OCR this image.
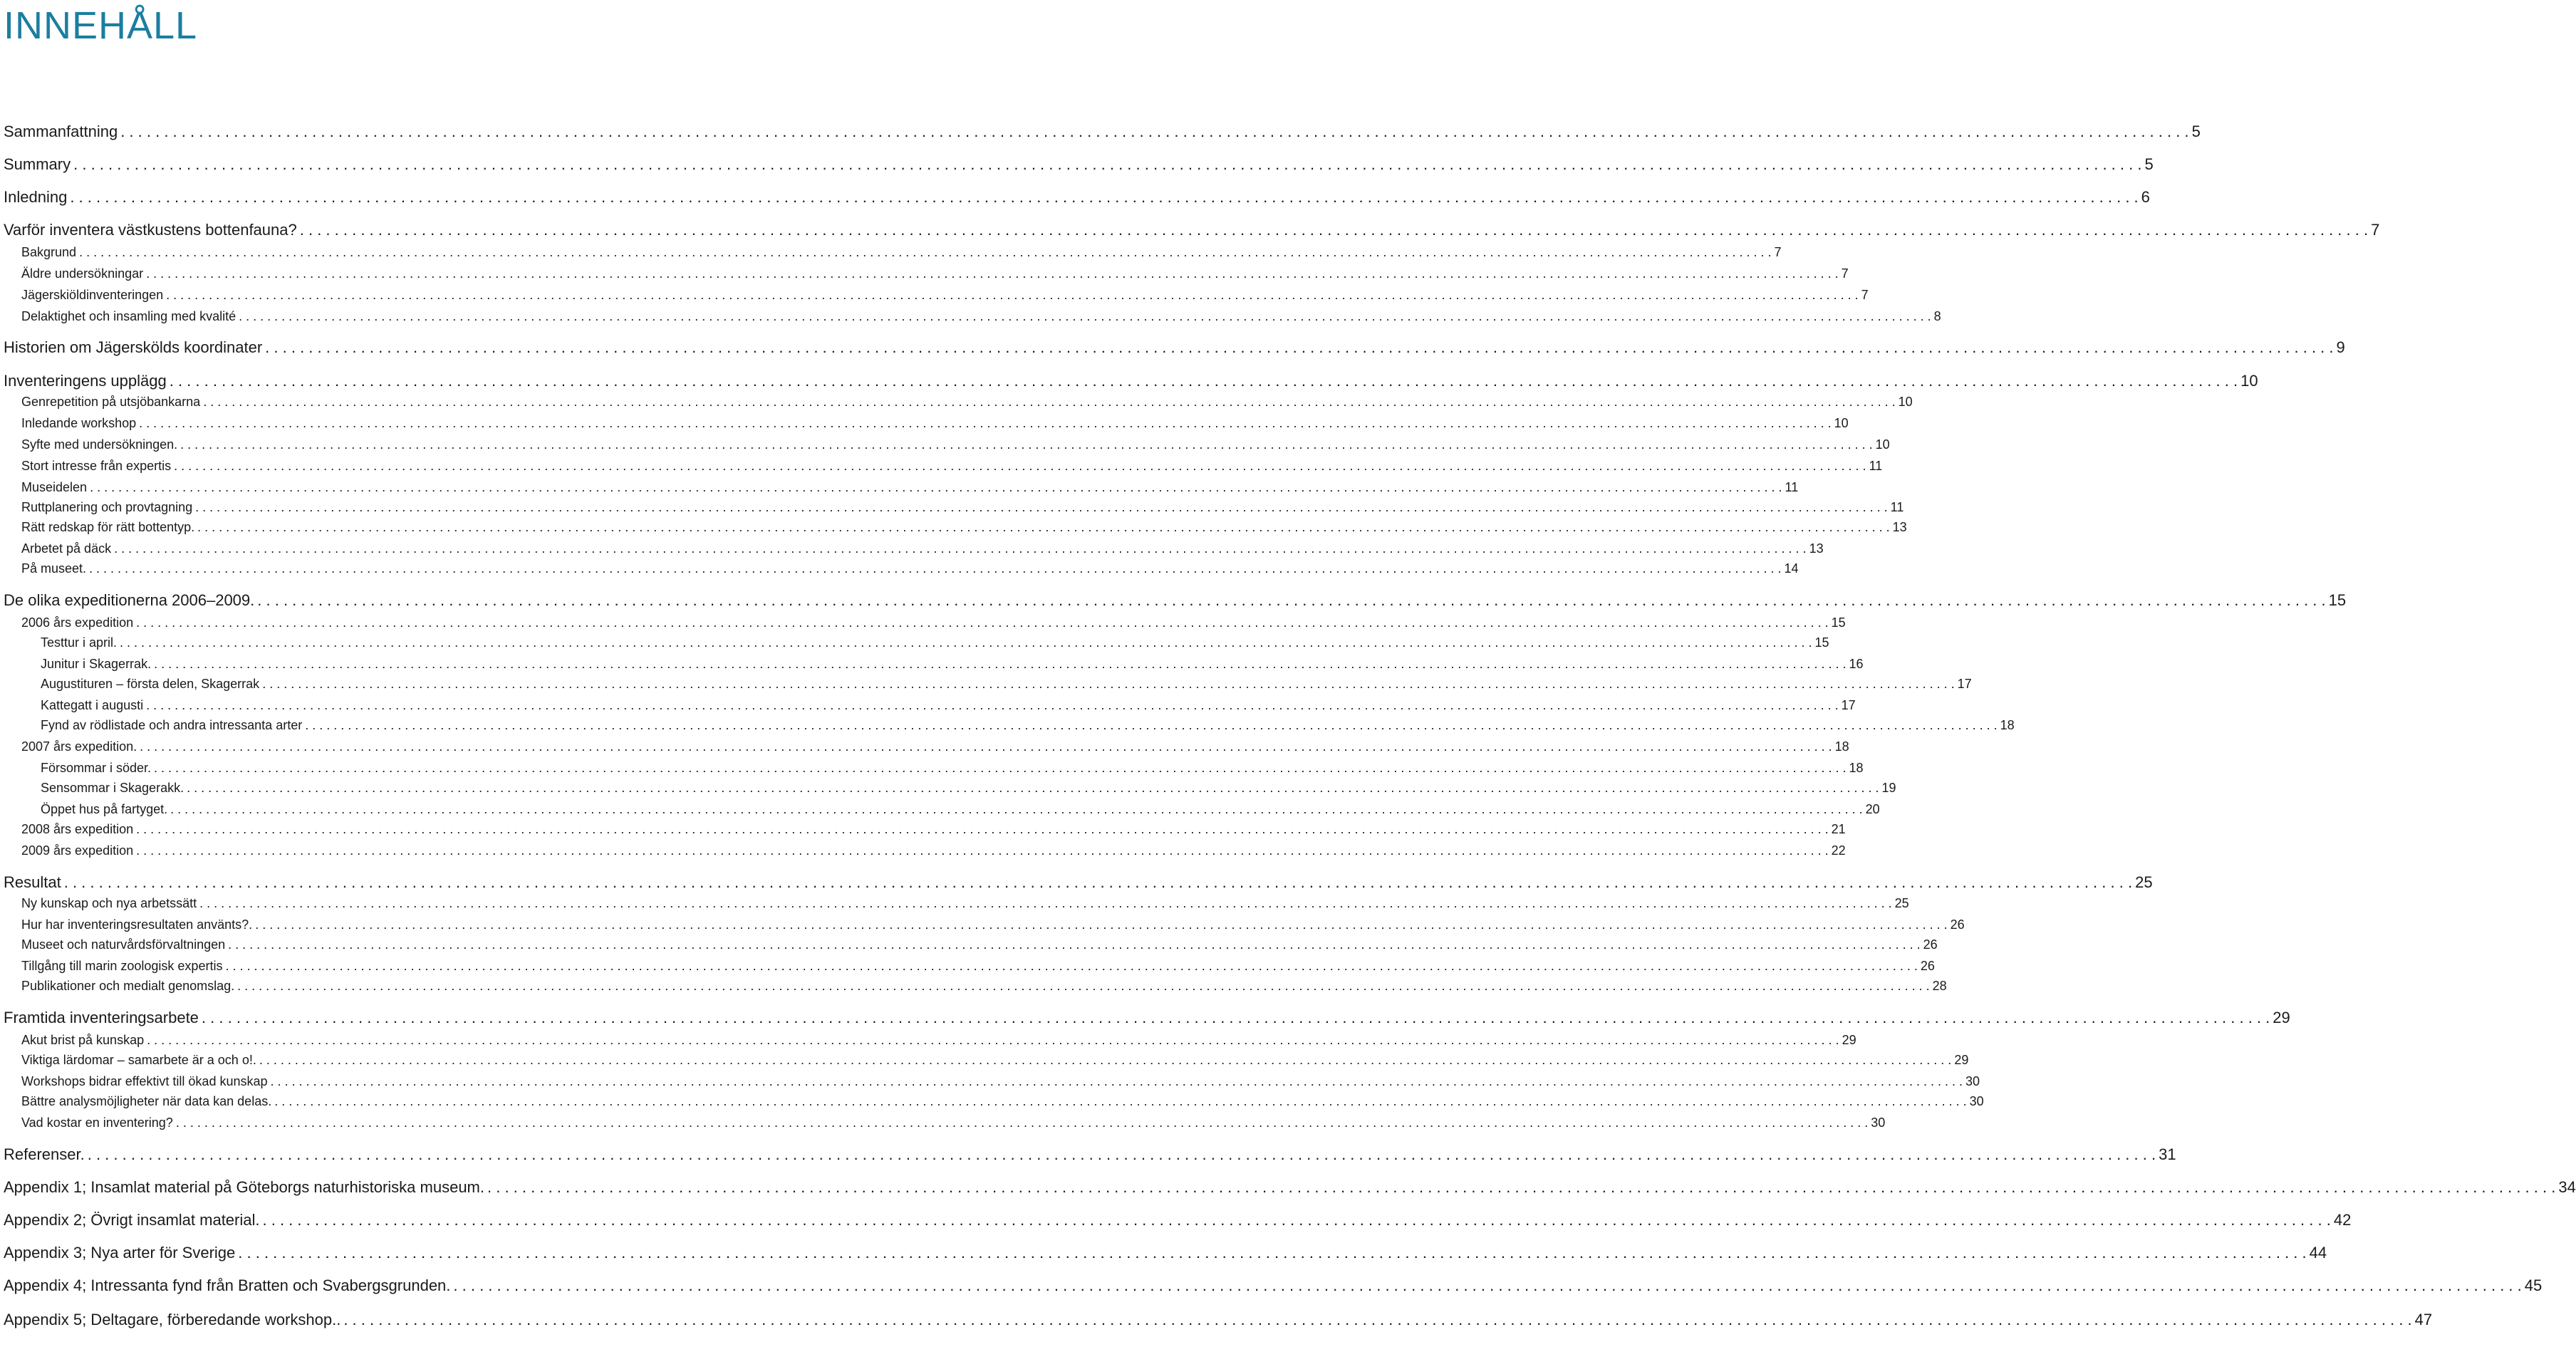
INNEHÅLL
Sammanfattning . . .	5
Summary . . .	5
Inledning . . .	6
Varför inventera västkustens bottenfauna? . . .	7
Bakgrund . . .	7
Äldre undersökningar . . .	7
Jägerskiöldinventeringen . . .	7
Delaktighet och insamling med kvalité . . .	8
Historien om Jägerskölds koordinater . . .	9
Inventeringens upplägg . . .	10
Genrepetition på utsjöbankarna . . .	10
Inledande workshop . . .	10
Syfte med undersökningen. . . .	10
Stort intresse från expertis . . .	11
Museidelen . . .	11
Ruttplanering och provtagning . . .	11
Rätt redskap för rätt bottentyp. . . .	13
Arbetet på däck . . .	13
På museet. . . .	14
De olika expeditionerna 2006–2009. . . .	15
2006 års expedition . . .	15
Testtur i april. . . .	15
Junitur i Skagerrak. . . .	16
Augustituren – första delen, Skagerrak . . .	17
Kattegatt i augusti . . .	17
Fynd av rödlistade och andra intressanta arter . . .	18
2007 års expedition. . . .	18
Försommar i söder. . . .	18
Sensommar i Skagerakk. . . .	19
Öppet hus på fartyget. . . .	20
2008 års expedition . . .	21
2009 års expedition . . .	22
Resultat . . .	25
Ny kunskap och nya arbetssätt . . .	25
Hur har inventeringsresultaten använts?. . . .	26
Museet och naturvårdsförvaltningen . . .	26
Tillgång till marin zoologisk expertis . . .	26
Publikationer och medialt genomslag. . . .	28
Framtida inventeringsarbete . . .	29
Akut brist på kunskap . . .	29
Viktiga lärdomar – samarbete är a och o!. . . .	29
Workshops bidrar effektivt till ökad kunskap . . .	30
Bättre analysmöjligheter när data kan delas. . . .	30
Vad kostar en inventering? . . .	30
Referenser. . . .	31
Appendix 1; Insamlat material på Göteborgs naturhistoriska museum. . . .	34
Appendix 2; Övrigt insamlat material. . . .	42
Appendix 3; Nya arter för Sverige . . .	44
Appendix 4; Intressanta fynd från Bratten och Svabergsgrunden. . . .	45
Appendix 5; Deltagare, förberedande workshop.. . . .	47
